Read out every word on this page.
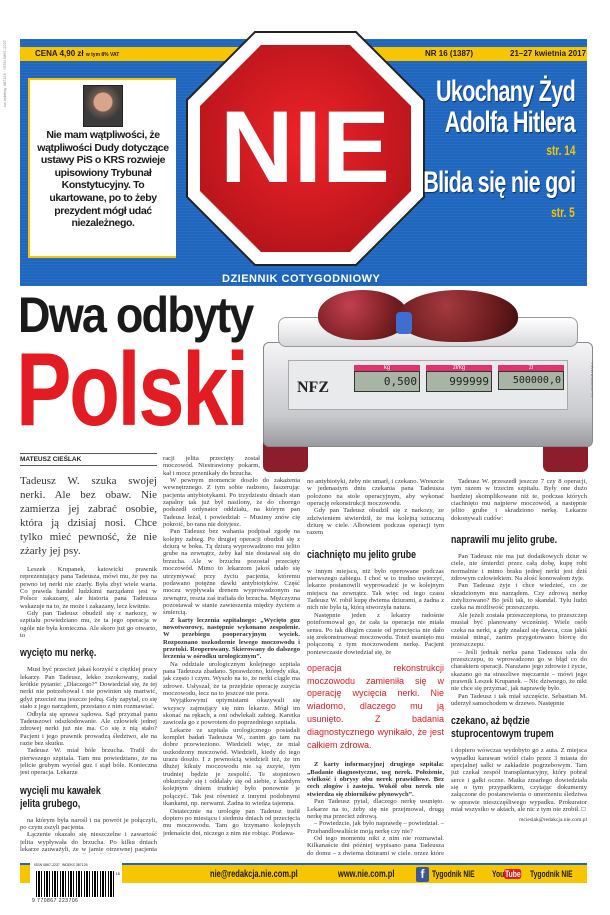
na indeksy 387125 · ISSN 0867-2237	CENA 4,90 zł w tym 8% VAT	NR 16 (1387)	21–27 kwietnia 2017
Nie mam wątpliwości, że wątpliwości Dudy dotyczące ustawy PiS o KRS rozwieje upisowiony Trybunał Konstytucyjny. To ukartowane, po to żeby prezydent mógł udać niezależnego.
NIE Ukochany Żyd
Adolfa Hitlera
str. 14
Blida się nie goi
str. 5
DZIENNIK COTYGODNIOWY
Dwa odbyty
Polski	NFZ
kg
0,500
zł/kg
999999
zł
500000,0	fot. WOJCIECH MĄKA
MATEUSZ CIEŚLAK
Tadeusz W. szuka swojej nerki. Ale bez obaw. Nie zamierza jej zabrać osobie, która ją dzisiaj nosi. Chce tylko mieć pewność, że nie zżarły jej psy.

Leszek Krupanek, katowicki prawnik reprezentujący pana Tadeusza, mówi mu, że psy na pewno tej nerki nie zżarły. Była zbyt wiele warta. Co prawda handel ludzkimi narządami jest w Polsce zakazany, ale historia pana Tadeusza wskazuje na to, że może i zakazany, lecz kwitnie.

Gdy pan Tadeusz obudził się z narkozy, w szpitalu powiedziano mu, że ta jego operacja w ogóle nie była konieczna. Ale skoro już go otwarto, to

wycięto mu nerkę.

Musi być przecież jakaś korzyść z ciężkiej pracy lekarzy. Pan Tadeusz, lekko zszokowany, zadał krótkie pytanie: „Dlaczego?” Dowiedział się, że tej nerki nie potrzebował i nie powinien się martwić, gdyż przecież ma jeszcze jedną. Gdy zapytał, co się stało z jego narządem, przestano z nim rozmawiać.

Odbyła się sprawa sądowa. Sąd przyznał panu Tadeuszowi odszkodowanie. Ale człowiek jednej zdrowej nerki już nie ma. Co się z nią stało? Pacjent i jego prawnik prowadzą śledztwo, ale na razie bez skutku.

Tadeusz W. miał bóle brzucha. Trafił do pierwszego szpitala. Tam mu powiedziano, że na jelicie grubym wyrósł guz i stąd bóle. Konieczna jest operacja. Lekarze

wycięli mu kawałek
jelita grubego,

na którym była narośl i na powrót je połączyli, po czym zszyli pacjenta.

Łączenie okazało się nieszczelne i zawartość jelita wypływała do brzucha. Po kilku dniach lekarze zauważyli, że w jamie otrzewnej pacjenta

racji jelita przecięty został moczowód. Niestrawiony pokarm, kał i mocz przenikały do brzucha.

W pewnym momencie doszło do zakażenia wewnętrznego. Z tym sobie radzono, faszerując pacjenta antybiotykami. Po trzydziestu dniach stan zapalny tak już był nasilony, że do chorego podszedł ordynator oddziału, na którym pan Tadeusz leżał, i powiedział: – Musimy znów cię pokroić, bo rana nie doiyjesz.

Pan Tadeusz bez wahania podpisał zgodę na kolejny zabieg. Po drugiej operacji obudził się z dziurą w boku. Tą dziurą wyprowadzono mu jelito grube na zewnątrz, żeby kał nie dostawał się do brzucha. Ale w brzuchu pozostał przecięty moczowód. Mimo to lekarzom jakoś udało się utrzymywać przy życiu pacjenta, któremu podawano potężne dawki antybiotyków. Część moczu wypływała drenem wyprowadzonym na zewnątrz, reszta zaś trafiała do brzucha. Mężczyzna pozostawał w stanie zawieszenia między życiem a śmiercią.

Z karty leczenia szpitalnego: „Wycięto guz nowotworowy, następnie wykonano zespolenie. W przebiegu pooperacyjnym wyciek. Rozpoznano uszkodzenie lewego moczowodu i przetoki. Reoperowany. Skierowany do dalszego leczenia w ośrodku urologicznym”.

Na oddziale urologicznym kolejnego szpitala pana Tadeusza zbadano. Sprawdzono, którędy sika, jak często i czym. Wyszło na to, że nerki ciągle ma zdrowe. Usłyszał, że ta przejdzie operację zszycia moczowodu, lecz na to jeszcze nie pora.

Wyjątkowymi optymistami okazywali się wszyscy zajmujący się nim lekarze. Mógł im skonać na rękach, a oni odwlekali zabieg. Karetka zawiozła go z powrotem do poprzedniego szpitala.

Lekarze ze szpitala urologicznego posiadali komplet badań Tadeusza W., zanim go tam na dobre przewieziono. Wiedzieli więc, że miał uszkodzony moczowód. Wiedzieli, kiedy do tego urazu doszło. I z pewnością wiedzieli też, że im dłużej kikuty moczowodu nie są zszyte, tym trudniej będzie je zespolić. Te stopniowo obkurczały się i oddalały się od siebie, z każdym kolejnym dniem trudniej było ponownie je połączyć. Tak jest również z innymi podobnymi tkankami, np. nerwami. Żadna to wiedza tajemna.

Ostatecznie na urologię pan Tadeusz trafił dopiero po miesiącu i siedmiu dniach od przecięcia mu moczowodu. Tam go trzymano kolejnych jedenaście dni, niczego z nim nie robiąc. Podawa-

no antybiotyki, żeby nie umarł, i czekano. Wreszcie w jedenastym dniu czekania pana Tadeusza położono na stole operacyjnym, aby wykonać operację rekonstrukcji moczowodu.

Gdy pan Tadeusz obudził się z narkozy, ze zdziwieniem stwierdził, że ma kolejną sztuczną dziurę w ciele. Albowiem podczas operacji tym razem

ciachnięto mu jelito grube

w innym miejscu, niż było operowane podczas pierwszego zabiegu. I choć w to trudno uwierzyć, lekarze postanowili wyprowadzić je w kolejnym miejscu na zewnątrz. Tak więc od tego czasu Tadeusz W. robił kupę dwiema dziurami, a żadna z nich nie była tą, którą stworzyła natura.

Następnie jeden z lekarzy radośnie poinformował go, że cała ta operacja nie miała sensu. Po tak długim czasie od przecięcia nie dało się zrekonstruować moczowodu. Toteż usunięto mu połączoną z tym moczowodem nerkę. Pacjent poniewczasie dowiedział się, że

operacja rekonstrukcji moczowodu zamieniła się w operację wycięcia nerki. Nie wiadomo, dlaczego mu ją usunięto. Z badania diagnostycznego wynikało, że jest całkiem zdrowa.

Z karty informacyjnej drugiego szpitala: „Badanie diagnostyczne, usg nerek. Położenie, wielkość i obrysy obu nerek prawidłowe. Bez cech złogów i zastoju. Wokół obu nerek nie stwierdza się zbiorników płynowych”.

Pan Tadeusz pytał, dlaczego nerkę usunięto. Lekarze na to, żeby się nie przejmował, drugą nerkę ma przecież zdrową.

– Powiedzcie, jak było naprawdę – powiedział. – Przehandlowaliście moją nerkę czy nie?

Od tego momentu nikt z nim nie rozmawiał. Kilkanaście dni później wypisano pana Tadeusza do domu – z dwiema dziurami w ciele, przez które

Tadeusz W. przeszedł jeszcze 7 czy 8 operacji, tym razem w trzecim szpitalu. Były one dużo bardziej skomplikowane niż te, podczas których ciachnięto mu najpierw moczowód, a następnie jelito grube i skradziono nerkę. Lekarze dokonywali cudów:

naprawili mu jelito grube.

Pan Tadeusz nie ma już dodatkowych dziur w ciele, nie śmierdzi przez całą dobę, kupę robi normalnie i mimo braku jednej nerki jest dziś zdrowym człowiekiem. Na złość konowałom żyje.

Pan Tadeusz żyje i chce wiedzieć, co ze skradzionym mu narządem. Czy zdrową nerkę zutylizowano? Bo jeśli tak, to skandal. Tylu ludzi czeka na możliwość przeszczepu.

Ale jeżeli została przeszczepiona, to przeszczep musiał być planowany wcześniej. Wiele osób czeka na nerki, a gdy znalazł się dawca, czas jakiś musiał minąć, zanim przygotowano biorcę do przeszczepu.

– Jeśli jednak nerka pana Tadeusza szła do przeszczepu, to wprowadzono go w błąd co do charakteru operacji. Narażano jego zdrowie i życie, skazano go na straszliwe męczarnie – mówi jego prawnik Leszek Krupanek. – Nic dziwnego, że nikt nie chce się przyznać, jak naprawdę było.

Pan Tadeusz i tak miał szczęście. Sebastian M. uderzył samochodem w drzewo. Następnie

czekano, aż będzie
stuprocentowym trupem

i dopiero wówczas wydobyto go z auta. Z miejsca wypadku karawan wiózł ciało przez 3 miasta do specjalnej salki w zakładzie pogrzebowym. Tam już czekał zespół transplantacyjny, który pobrał serce i gałki oczne. Matka zmarłego dowiedziała się o tym przypadkiem, czytając dokumenty załączone do postanowienia o umorzeniu śledztwa w sprawie nieszczęśliwego wypadku. Prokurator miał wszystko w aktach, ale nic z tym nie zrobił. □

mcieslak@redakcja.nie.com.pl
nie@redakcja.nie.com.pl	www.nie.com.pl	f Tygodnik NIE YouTube Tygodnik NIE
ISSN 0867-2237 INDEKS 387126
16
9 770867 223706
